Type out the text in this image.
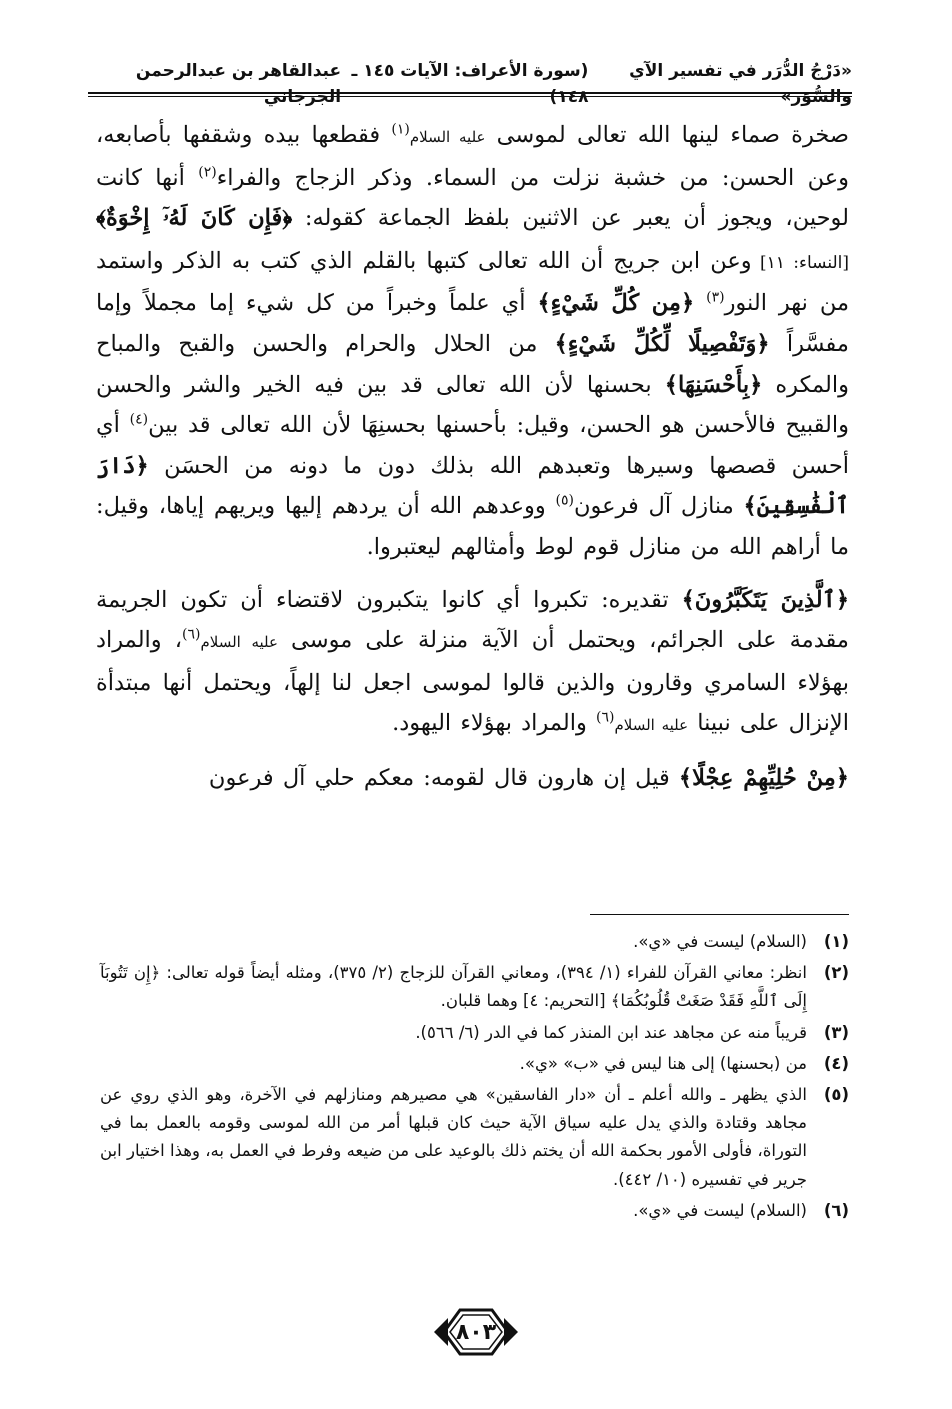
عبدالقاهر بن عبدالرحمن الجرجاني
(سورة الأعراف: الآيات ١٤٥ ـ ١٤٨)
«دَرْجُ الدُّرَر في تفسير الآي والسُّوَر»

صخرة صماء لينها الله تعالى لموسى عليه السلام$^{(١)}$ فقطعها بيده وشقفها بأصابعه، وعن الحسن: من خشبة نزلت من السماء. وذكر الزجاج والفراء$^{(٢)}$ أنها كانت لوحين، ويجوز أن يعبر عن الاثنين بلفظ الجماعة كقوله: ﴿فَإِن كَانَ لَهُۥٓ إِخْوَةٌ﴾ [النساء: ١١] وعن ابن جريج أن الله تعالى كتبها بالقلم الذي كتب به الذكر واستمد من نهر النور$^{(٣)}$ ﴿مِن كُلِّ شَيْءٍ﴾ أي علماً وخبراً من كل شيء إما مجملاً وإما مفسَّراً ﴿وَتَفْصِيلًا لِّكُلِّ شَيْءٍ﴾ من الحلال والحرام والحسن والقبح والمباح والمكره ﴿بِأَحْسَنِهَا﴾ بحسنها لأن الله تعالى قد بين فيه الخير والشر والحسن والقبيح فالأحسن هو الحسن، وقيل: بأحسنها بحسنِهَا لأن الله تعالى قد بين$^{(٤)}$ أي أحسن قصصها وسيرها وتعبدهم الله بذلك دون ما دونه من الحسَن ﴿دَارَ ٱلْفَٰسِقِينَ﴾ منازل آل فرعون$^{(٥)}$ ووعدهم الله أن يردهم إليها ويريهم إياها، وقيل: ما أراهم الله من منازل قوم لوط وأمثالهم ليعتبروا.

﴿ٱلَّذِينَ يَتَكَبَّرُونَ﴾ تقديره: تكبروا أي كانوا يتكبرون لاقتضاء أن تكون الجريمة مقدمة على الجرائم، ويحتمل أن الآية منزلة على موسى عليه السلام$^{(٦)}$، والمراد بهؤلاء السامري وقارون والذين قالوا لموسى اجعل لنا إلهاً، ويحتمل أنها مبتدأة الإنزال على نبينا عليه السلام$^{(٦)}$ والمراد بهؤلاء اليهود.

﴿مِنْ حُلِيِّهِمْ عِجْلًا﴾ قيل إن هارون قال لقومه: معكم حلي آل فرعون

(١)
(السلام) ليست في «ي».
(٢)
انظر: معاني القرآن للفراء (١/ ٣٩٤)، ومعاني القرآن للزجاج (٢/ ٣٧٥)، ومثله أيضاً قوله تعالى: ﴿إِن تَتُوبَآ إِلَى ٱللَّهِ فَقَدْ صَغَتْ قُلُوبُكُمَا﴾ [التحريم: ٤] وهما قلبان.
(٣)
قريباً منه عن مجاهد عند ابن المنذر كما في الدر (٦/ ٥٦٦).
(٤)
من (بحسنها) إلى هنا ليس في «ب» «ي».
(٥)
الذي يظهر ـ والله أعلم ـ أن «دار الفاسقين» هي مصيرهم ومنازلهم في الآخرة، وهو الذي روي عن مجاهد وقتادة والذي يدل عليه سياق الآية حيث كان قبلها أمر من الله لموسى وقومه بالعمل بما في التوراة، فأولى الأمور بحكمة الله أن يختم ذلك بالوعيد على من ضيعه وفرط في العمل به، وهذا اختيار ابن جرير في تفسيره (١٠/ ٤٤٢).
(٦)
(السلام) ليست في «ي».
٨٠٣
